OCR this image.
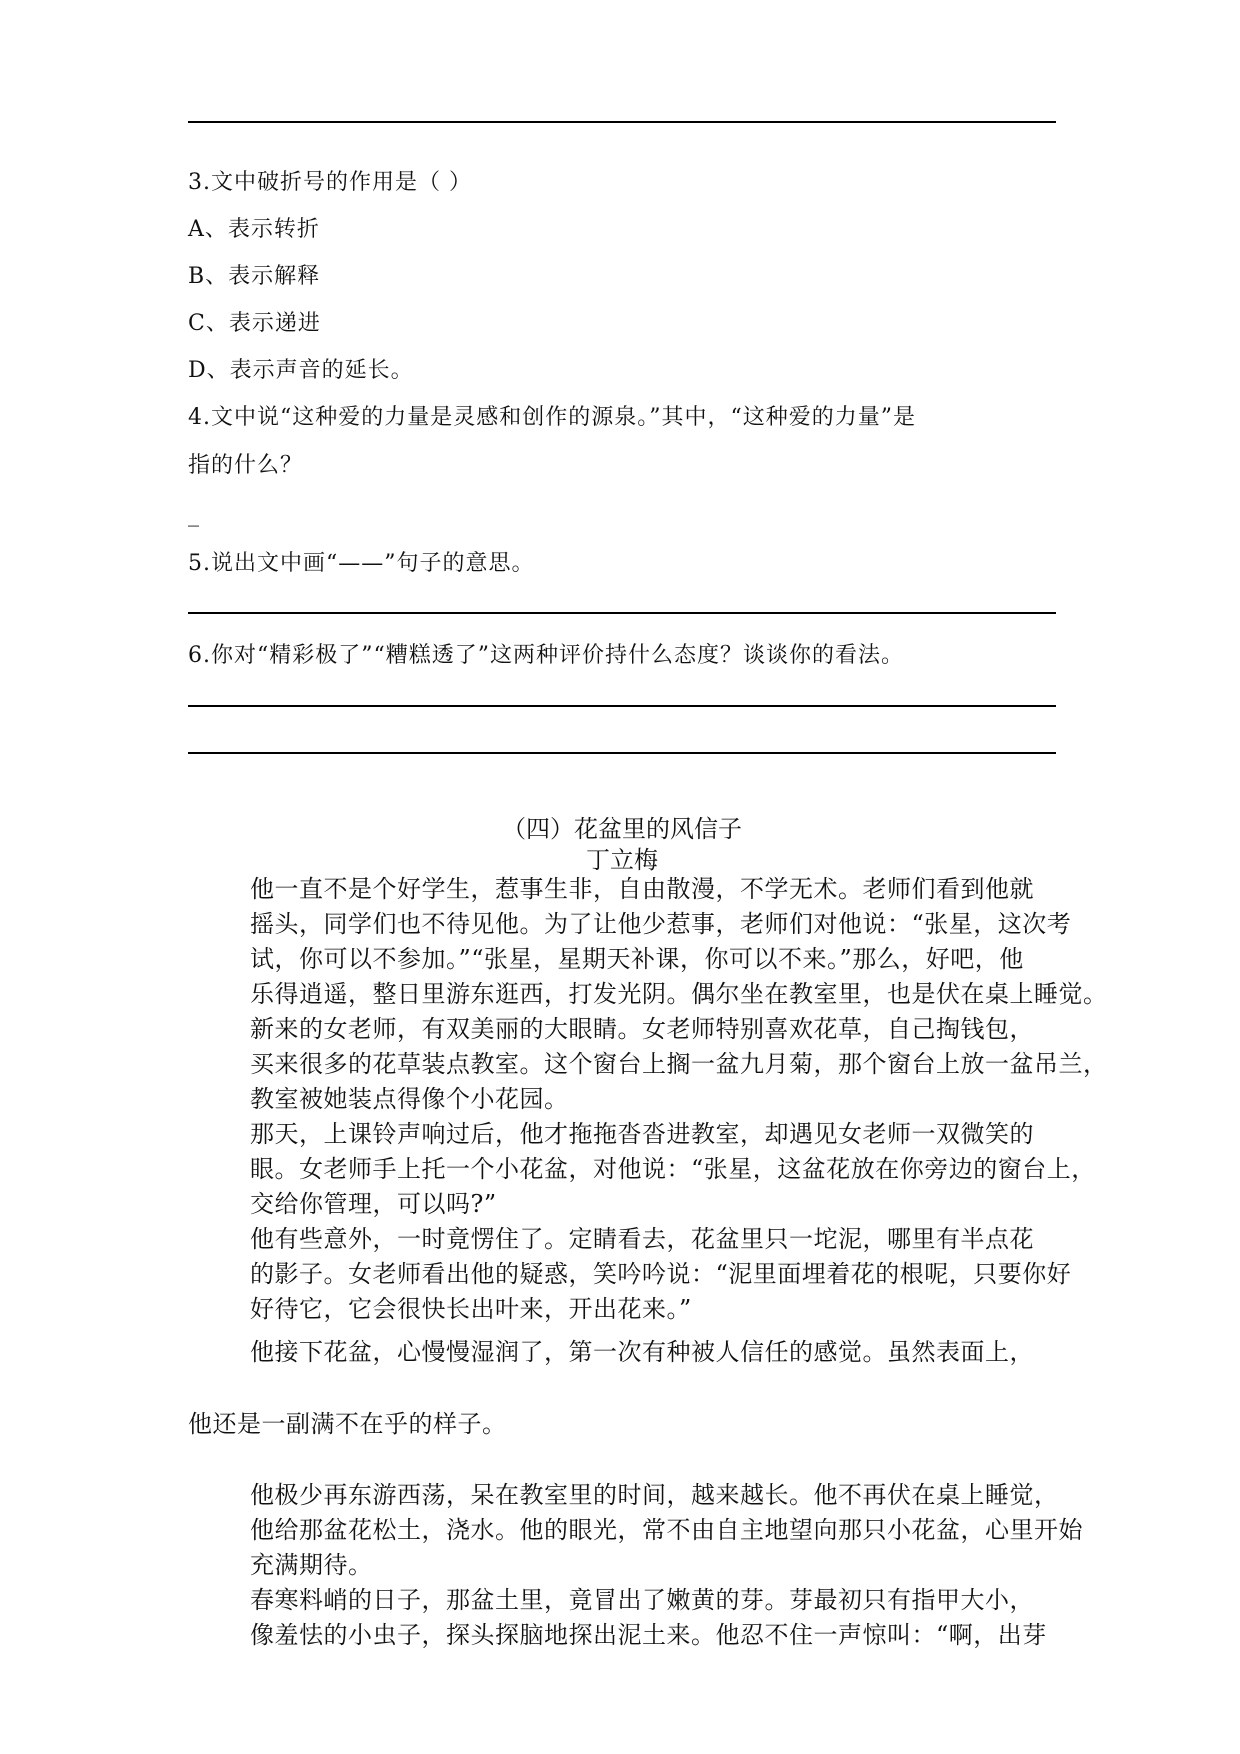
3.文中破折号的作用是（ ）
A、表示转折
B、表示解释
C、表示递进
D、表示声音的延长。
4.文中说“这种爱的力量是灵感和创作的源泉。”其中，“这种爱的力量”是
指的什么？
_
5.说出文中画“——”句子的意思。
6.你对“精彩极了”“糟糕透了”这两种评价持什么态度？谈谈你的看法。
（四）花盆里的风信子
丁立梅
他一直不是个好学生，惹事生非，自由散漫，不学无术。老师们看到他就
摇头，同学们也不待见他。为了让他少惹事，老师们对他说：“张星，这次考
试，你可以不参加。”“张星，星期天补课，你可以不来。”那么，好吧，他
乐得逍遥，整日里游东逛西，打发光阴。偶尔坐在教室里，也是伏在桌上睡觉。
新来的女老师，有双美丽的大眼睛。女老师特别喜欢花草，自己掏钱包，
买来很多的花草装点教室。这个窗台上搁一盆九月菊，那个窗台上放一盆吊兰，
教室被她装点得像个小花园。
那天，上课铃声响过后，他才拖拖沓沓进教室，却遇见女老师一双微笑的
眼。女老师手上托一个小花盆，对他说：“张星，这盆花放在你旁边的窗台上，
交给你管理，可以吗?”
他有些意外，一时竟愣住了。定睛看去，花盆里只一坨泥，哪里有半点花
的影子。女老师看出他的疑惑，笑吟吟说：“泥里面埋着花的根呢，只要你好
好待它，它会很快长出叶来，开出花来。”
他接下花盆，心慢慢湿润了，第一次有种被人信任的感觉。虽然表面上，
他还是一副满不在乎的样子。
他极少再东游西荡，呆在教室里的时间，越来越长。他不再伏在桌上睡觉，
他给那盆花松土，浇水。他的眼光，常不由自主地望向那只小花盆，心里开始
充满期待。
春寒料峭的日子，那盆土里，竟冒出了嫩黄的芽。芽最初只有指甲大小，
像羞怯的小虫子，探头探脑地探出泥土来。他忍不住一声惊叫：“啊，出芽
